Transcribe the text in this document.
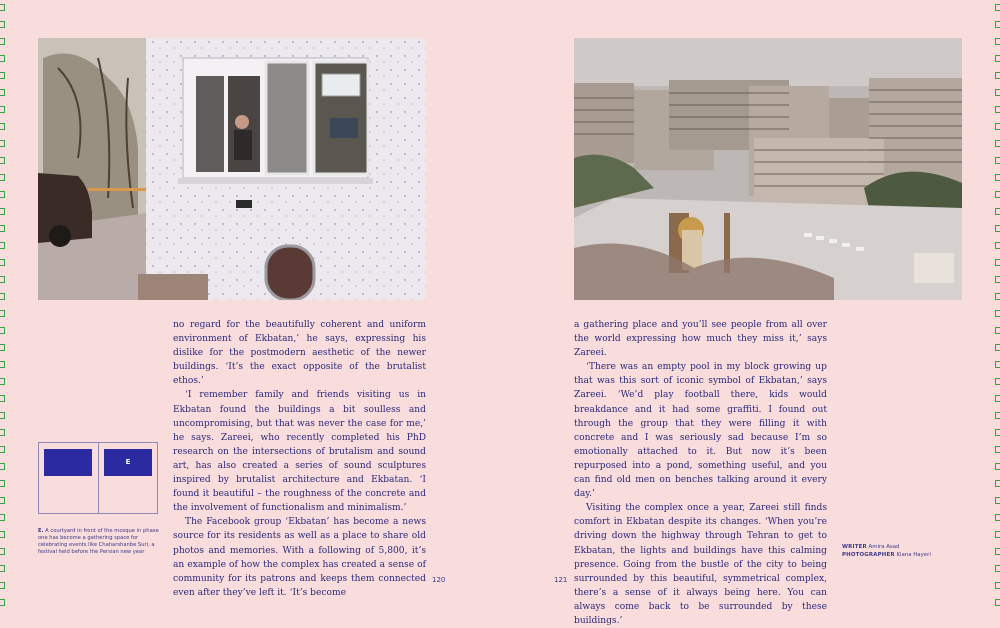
no regard for the beautifully coherent and uniform environment of Ekbatan,’ he says, expressing his dislike for the postmodern aesthetic of the newer buildings. ‘It’s the exact opposite of the brutalist ethos.’

‘I remember family and friends visiting us in Ekbatan found the buildings a bit soulless and uncompromising, but that was never the case for me,’ he says. Zareei, who recently completed his PhD research on the intersections of brutalism and sound art, has also created a series of sound sculptures inspired by brutalist architecture and Ekbatan. ‘I found it beautiful – the roughness of the concrete and the involvement of functionalism and minimalism.’

The Facebook group ‘Ekbatan’ has become a news source for its residents as well as a place to share old photos and memories. With a following of 5,800, it’s an example of how the complex has created a sense of community for its patrons and keeps them connected even after they’ve left it. ‘It’s become

a gathering place and you’ll see people from all over the world expressing how much they miss it,’ says Zareei.

‘There was an empty pool in my block growing up that was this sort of iconic symbol of Ekbatan,’ says Zareei. ‘We’d play football there, kids would breakdance and it had some graffiti. I found out through the group that they were filling it with concrete and I was seriously sad because I’m so emotionally attached to it. But now it’s been repurposed into a pond, something useful, and you can find old men on benches talking around it every day.’

Visiting the complex once a year, Zareei still finds comfort in Ekbatan despite its changes. ‘When you’re driving down the highway through Tehran to get to Ekbatan, the lights and buildings have this calming presence. Going from the bustle of the city to being surrounded by this beautiful, symmetrical complex, there’s a sense of it always being here. You can always come back to be surrounded by these buildings.’

E
E. A courtyard in front of the mosque in phase one has become a gathering space for celebrating events like Chaharshanbe Suri, a festival held before the Persian new year
WRITER Amira Asad
PHOTOGRAPHER Kiana Hayeri
120	121
